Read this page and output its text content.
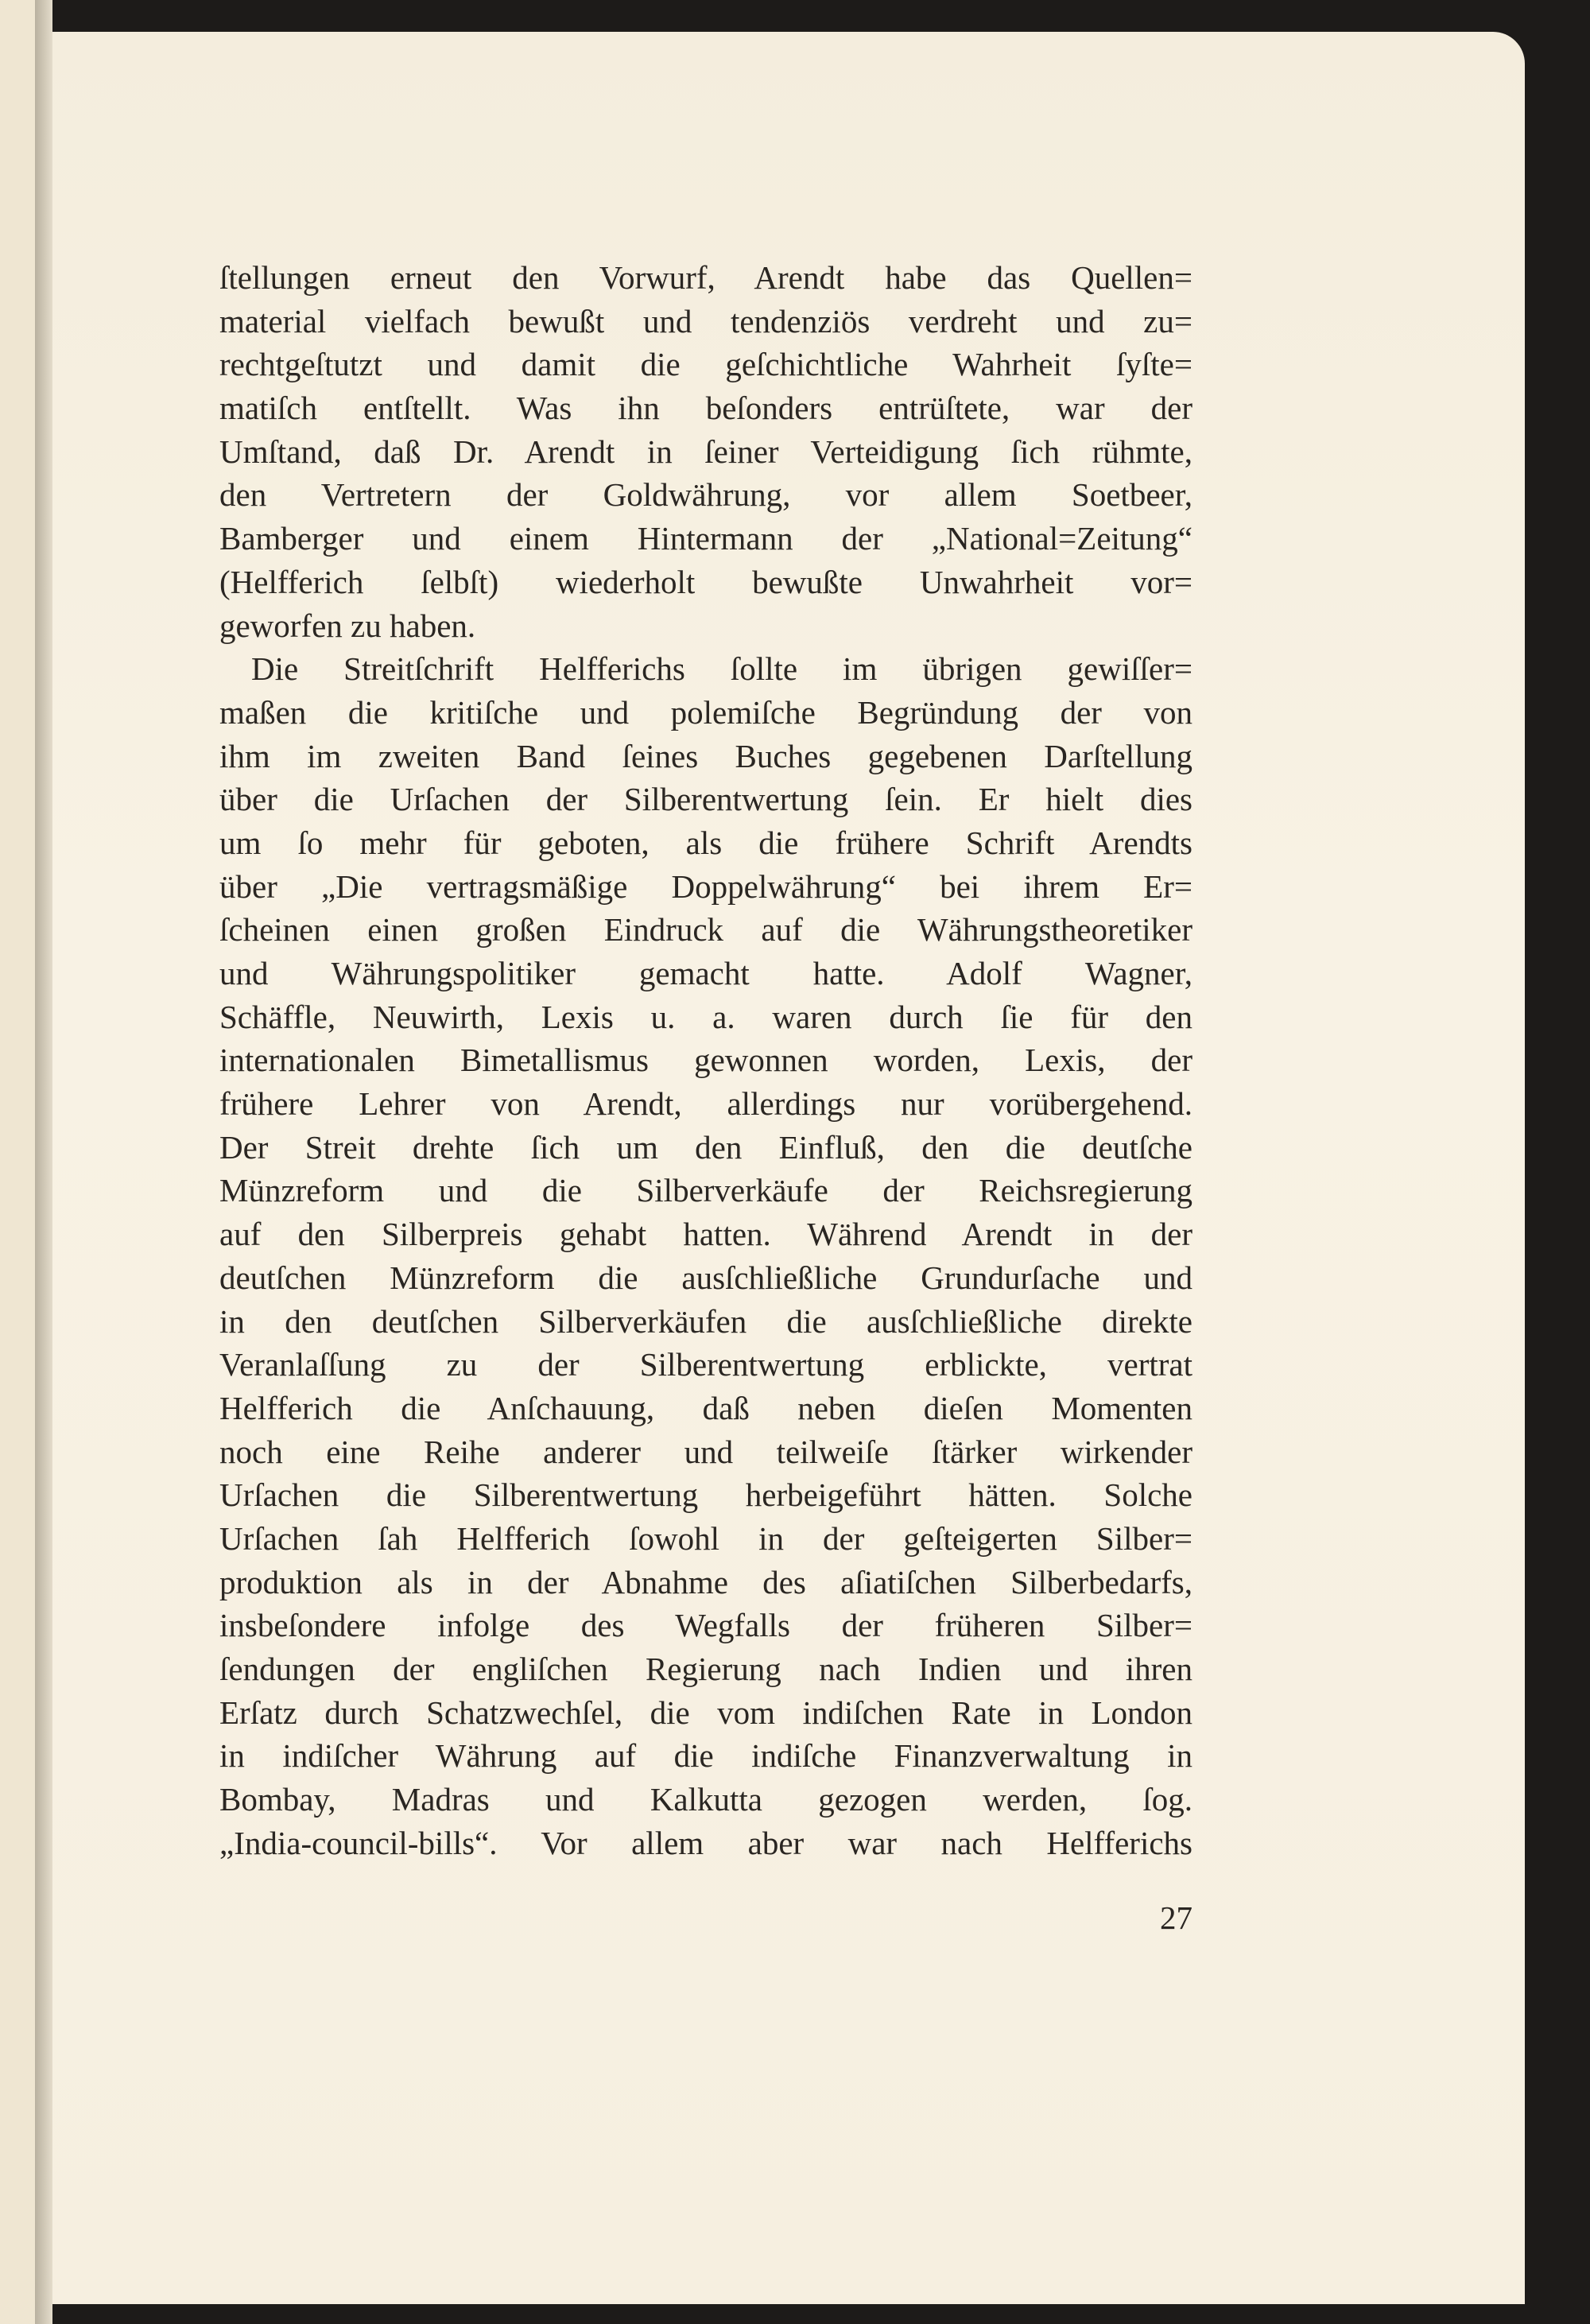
ſtellungen erneut den Vorwurf, Arendt habe das Quellen=
material vielfach bewußt und tendenziös verdreht und zu=
rechtgeſtutzt und damit die geſchichtliche Wahrheit ſyſte=
matiſch entſtellt. Was ihn beſonders entrüſtete, war der
Umſtand, daß Dr. Arendt in ſeiner Verteidigung ſich rühmte,
den Vertretern der Goldwährung, vor allem Soetbeer,
Bamberger und einem Hintermann der „National=Zeitung“
(Helfferich ſelbſt) wiederholt bewußte Unwahrheit vor=
geworfen zu haben.
Die Streitſchrift Helfferichs ſollte im übrigen gewiſſer=
maßen die kritiſche und polemiſche Begründung der von
ihm im zweiten Band ſeines Buches gegebenen Darſtellung
über die Urſachen der Silberentwertung ſein. Er hielt dies
um ſo mehr für geboten, als die frühere Schrift Arendts
über „Die vertragsmäßige Doppelwährung“ bei ihrem Er=
ſcheinen einen großen Eindruck auf die Währungstheoretiker
und Währungspolitiker gemacht hatte. Adolf Wagner,
Schäffle, Neuwirth, Lexis u. a. waren durch ſie für den
internationalen Bimetallismus gewonnen worden, Lexis, der
frühere Lehrer von Arendt, allerdings nur vorübergehend.
Der Streit drehte ſich um den Einfluß, den die deutſche
Münzreform und die Silberverkäufe der Reichsregierung
auf den Silberpreis gehabt hatten. Während Arendt in der
deutſchen Münzreform die ausſchließliche Grundurſache und
in den deutſchen Silberverkäufen die ausſchließliche direkte
Veranlaſſung zu der Silberentwertung erblickte, vertrat
Helfferich die Anſchauung, daß neben dieſen Momenten
noch eine Reihe anderer und teilweiſe ſtärker wirkender
Urſachen die Silberentwertung herbeigeführt hätten. Solche
Urſachen ſah Helfferich ſowohl in der geſteigerten Silber=
produktion als in der Abnahme des aſiatiſchen Silberbedarfs,
insbeſondere infolge des Wegfalls der früheren Silber=
ſendungen der engliſchen Regierung nach Indien und ihren
Erſatz durch Schatzwechſel, die vom indiſchen Rate in London
in indiſcher Währung auf die indiſche Finanzverwaltung in
Bombay, Madras und Kalkutta gezogen werden, ſog.
„India-council-bills“. Vor allem aber war nach Helfferichs
27
